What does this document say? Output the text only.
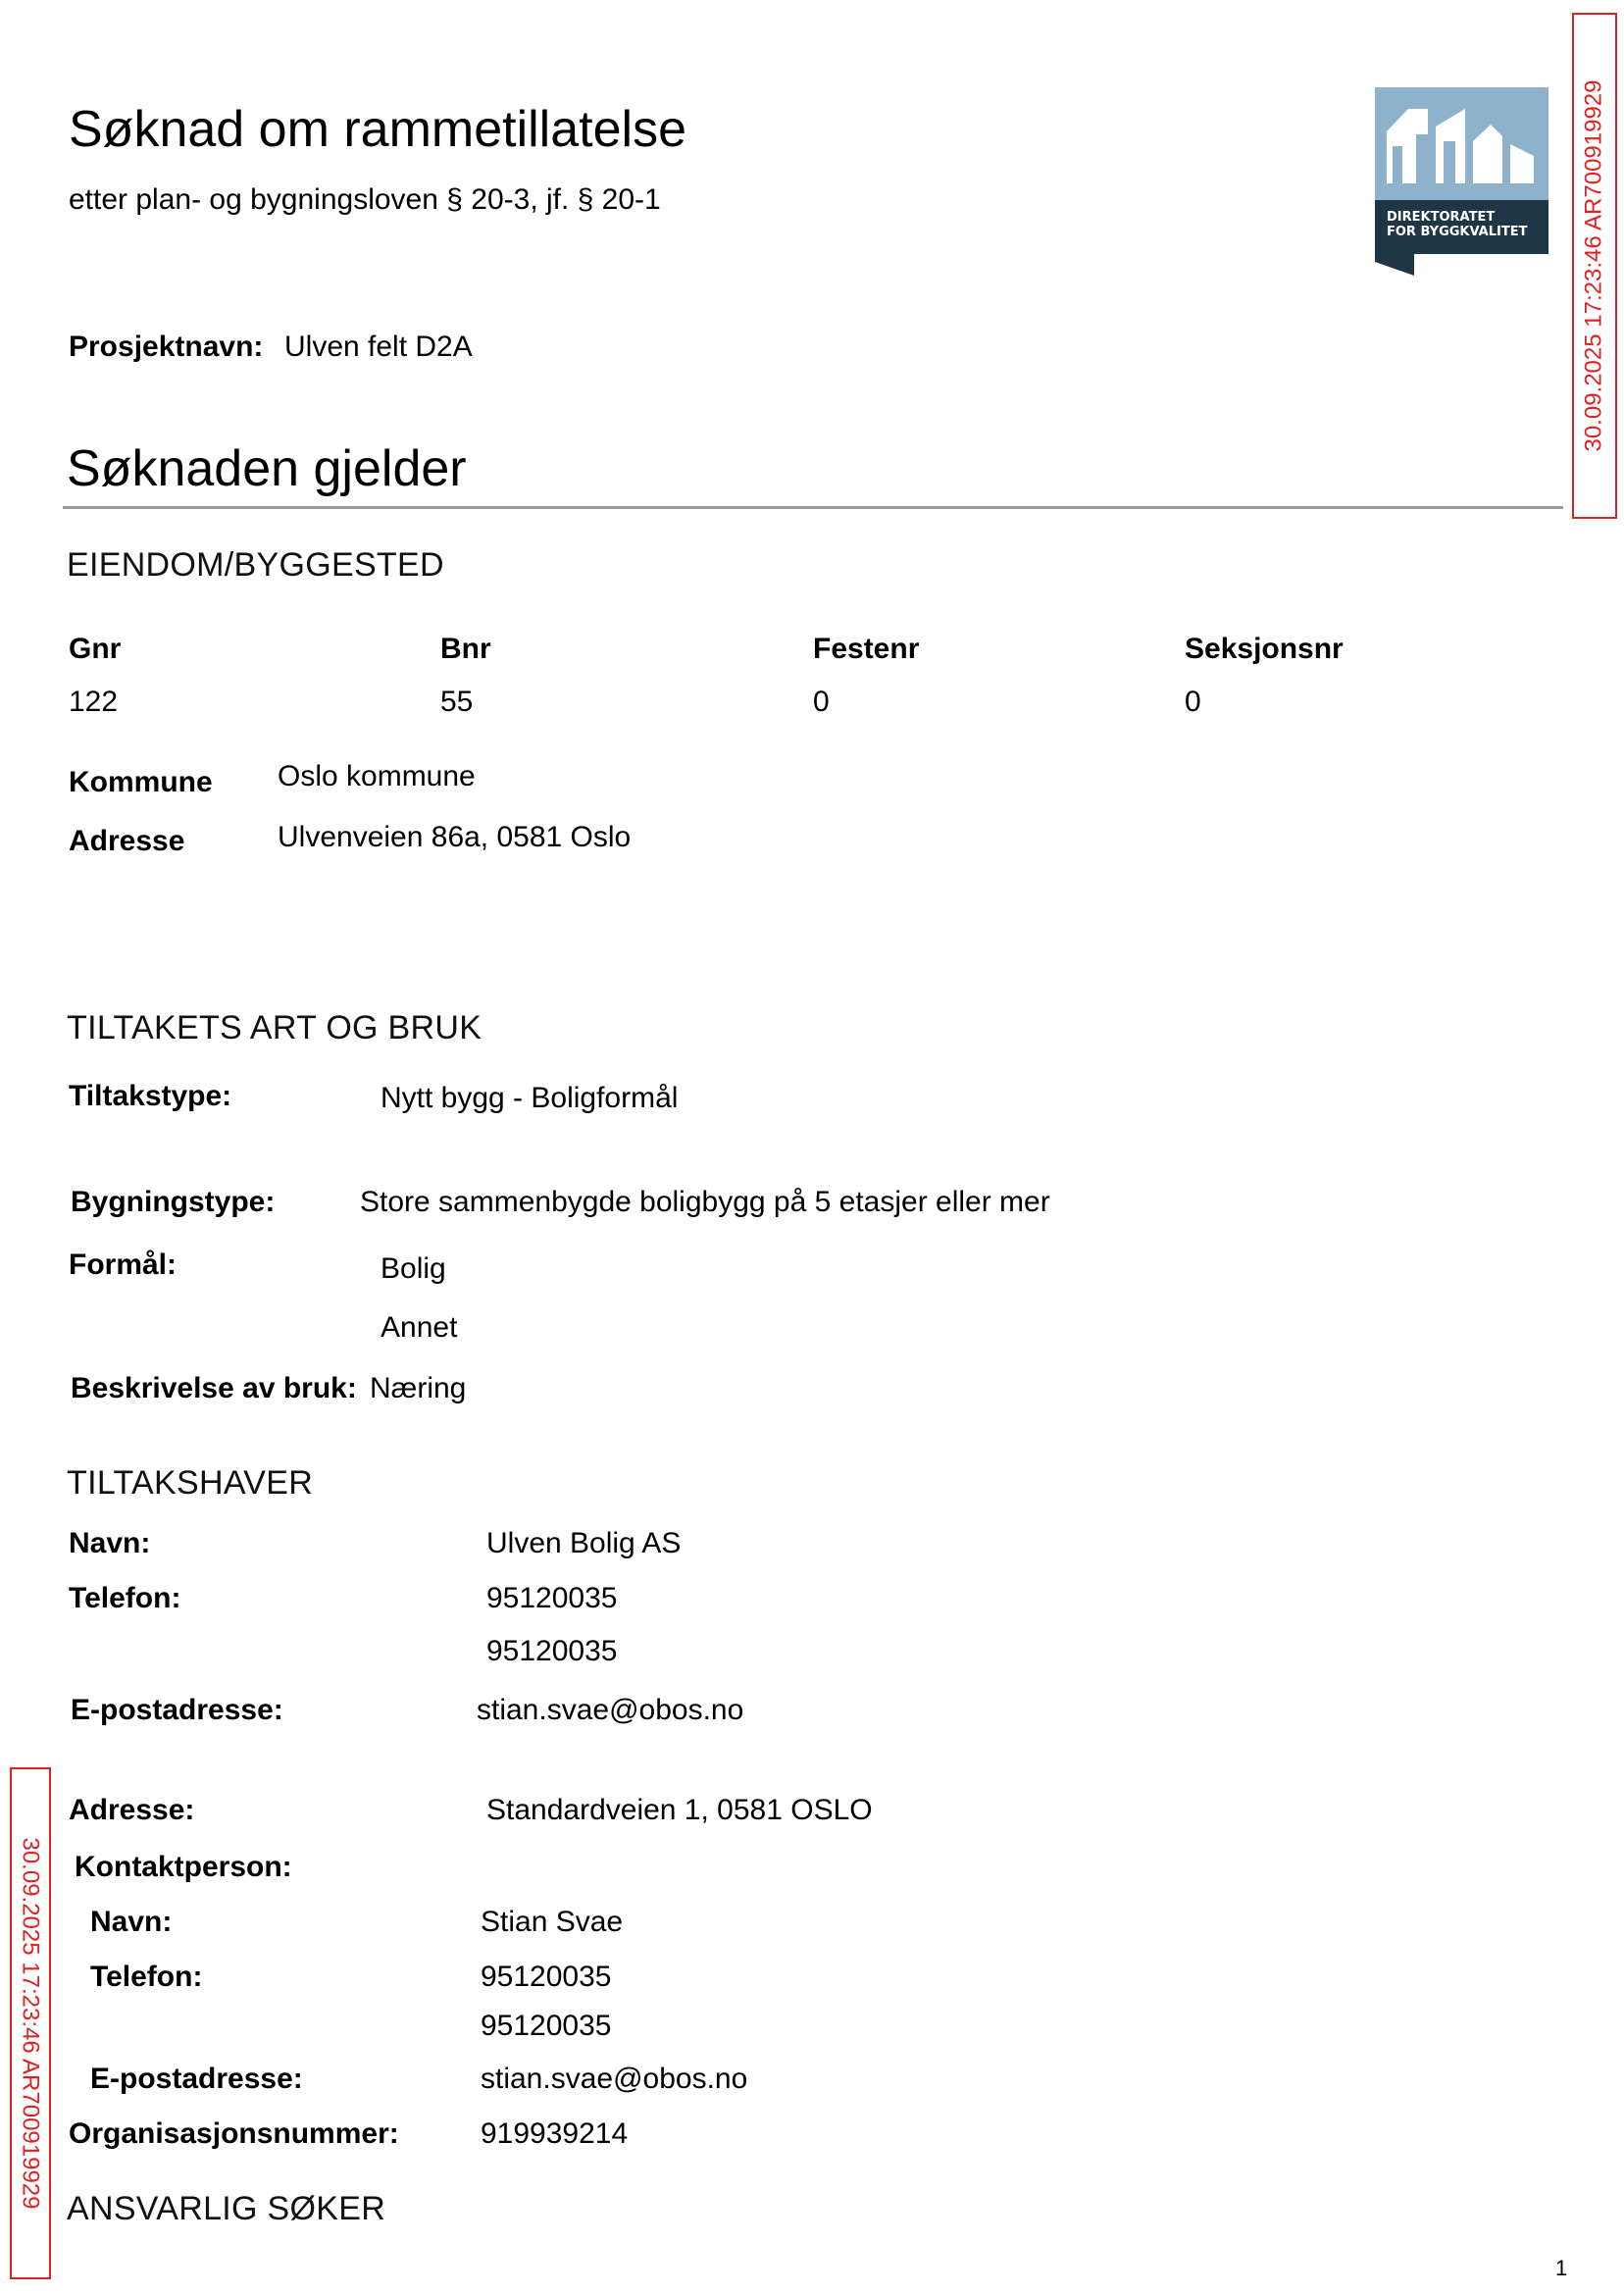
30.09.2025 17:23:46 AR700919929
30.09.2025 17:23:46 AR700919929
DIREKTORATET
FOR BYGGKVALITET
Søknad om rammetillatelse
etter plan- og bygningsloven § 20-3, jf. § 20-1
Prosjektnavn: Ulven felt D2A
Søknaden gjelder
EIENDOM/BYGGESTED
Gnr	Bnr	Festenr	Seksjonsnr
122	55	0	0
Kommune Oslo kommune
Adresse	Ulvenveien 86a, 0581 Oslo
TILTAKETS ART OG BRUK
Tiltakstype:	Nytt bygg - Boligformål
Bygningstype:	Store sammenbygde boligbygg på 5 etasjer eller mer
Formål:	Bolig
Annet
Beskrivelse av bruk: Næring
TILTAKSHAVER
Navn:	Ulven Bolig AS
Telefon:	95120035
95120035
E-postadresse:	stian.svae@obos.no
Adresse:	Standardveien 1, 0581 OSLO
Kontaktperson:
Navn:	Stian Svae
Telefon:	95120035
95120035
E-postadresse:	stian.svae@obos.no
Organisasjonsnummer:	919939214
ANSVARLIG SØKER
1
